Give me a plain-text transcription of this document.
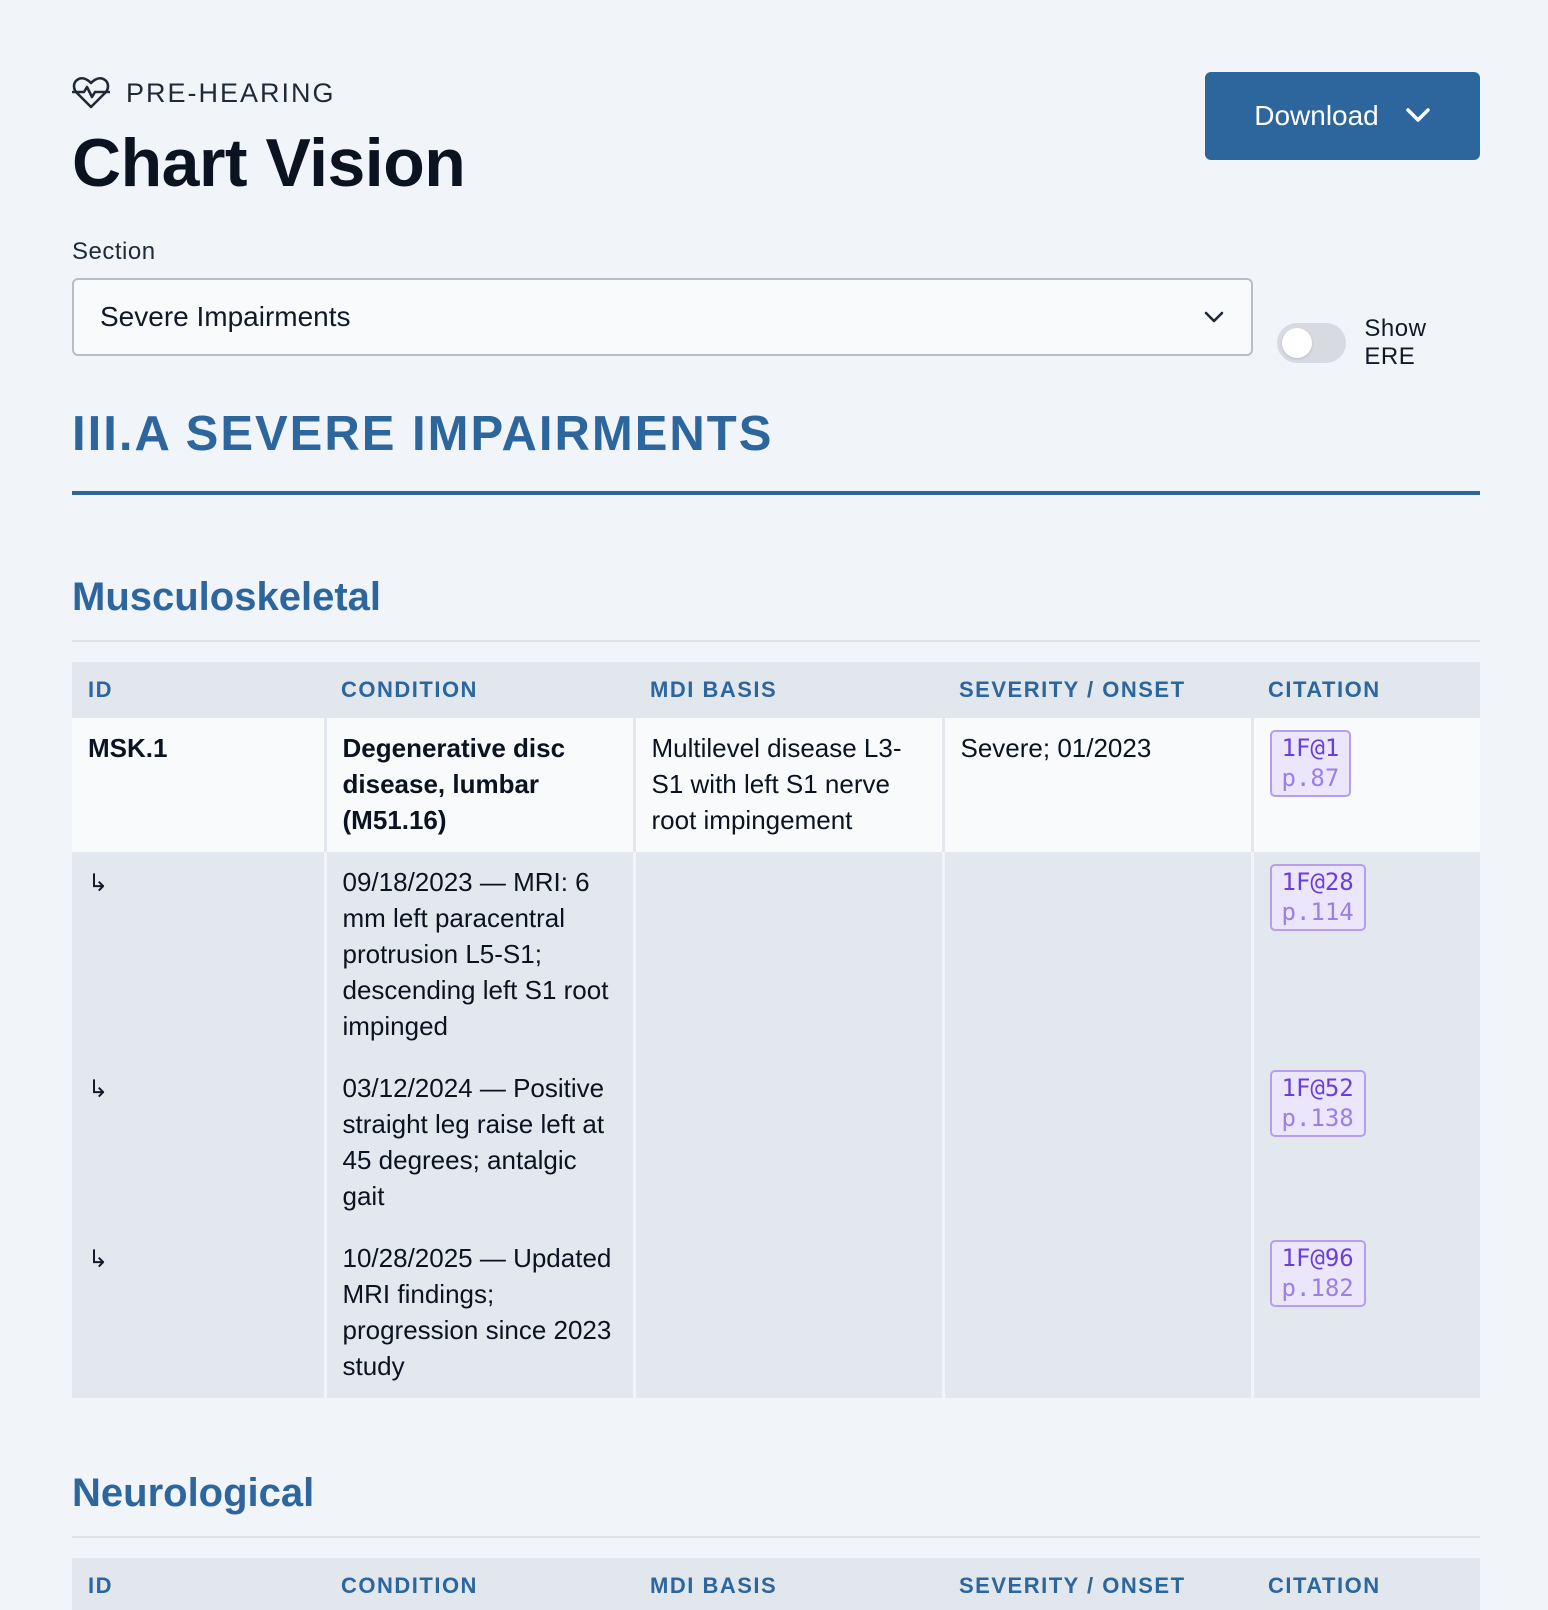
PRE-HEARING
Chart Vision
Download
Section
Severe Impairments	Show ERE
III.A SEVERE IMPAIRMENTS
Musculoskeletal
ID	CONDITION	MDI BASIS	SEVERITY / ONSET	CITATION
MSK.1	Degenerative disc disease, lumbar (M51.16)	Multilevel disease L3-S1 with left S1 nerve root impingement	Severe; 01/2023	1F@1
p.87

↳	09/18/2023 — MRI: 6 mm left paracentral protrusion L5-S1; descending left S1 root impinged			1F@28
p.114

↳	03/12/2024 — Positive straight leg raise left at 45 degrees; antalgic gait			1F@52
p.138

↳	10/28/2025 — Updated MRI findings; progression since 2023 study			1F@96
p.182
Neurological
ID	CONDITION	MDI BASIS	SEVERITY / ONSET	CITATION
